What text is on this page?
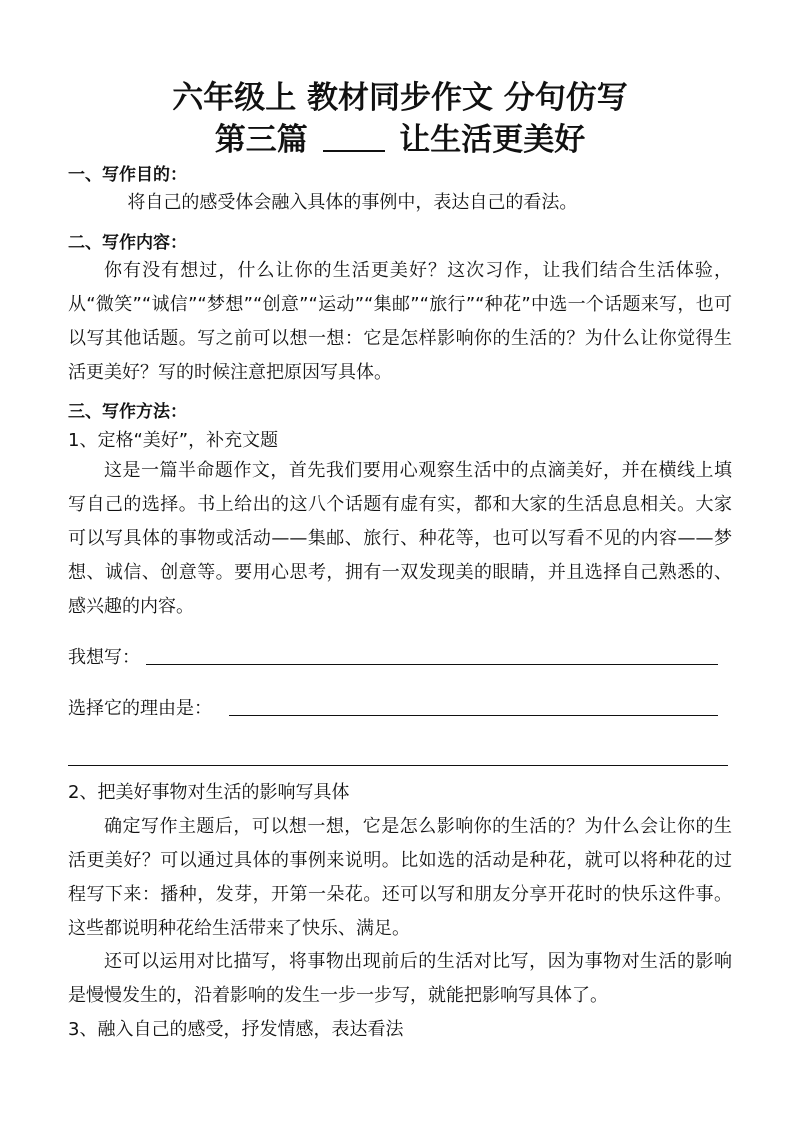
六年级上 教材同步作文 分句仿写
第三篇	让生活更美好
一、写作目的：

将自己的感受体会融入具体的事例中，表达自己的看法。

二、写作内容：

你有没有想过，什么让你的生活更美好？这次习作，让我们结合生活体验，从“微笑”“诚信”“梦想”“创意”“运动”“集邮”“旅行”“种花”中选一个话题来写，也可以写其他话题。写之前可以想一想：它是怎样影响你的生活的？为什么让你觉得生活更美好？写的时候注意把原因写具体。

三、写作方法：
1、定格“美好”，补充文题

这是一篇半命题作文，首先我们要用心观察生活中的点滴美好，并在横线上填写自己的选择。书上给出的这八个话题有虚有实，都和大家的生活息息相关。大家可以写具体的事物或活动——集邮、旅行、种花等，也可以写看不见的内容——梦想、诚信、创意等。要用心思考，拥有一双发现美的眼睛，并且选择自己熟悉的、感兴趣的内容。

我想写：
选择它的理由是：
2、把美好事物对生活的影响写具体

确定写作主题后，可以想一想，它是怎么影响你的生活的？为什么会让你的生活更美好？可以通过具体的事例来说明。比如选的活动是种花，就可以将种花的过程写下来：播种，发芽，开第一朵花。还可以写和朋友分享开花时的快乐这件事。这些都说明种花给生活带来了快乐、满足。

还可以运用对比描写，将事物出现前后的生活对比写，因为事物对生活的影响是慢慢发生的，沿着影响的发生一步一步写，就能把影响写具体了。

3、融入自己的感受，抒发情感，表达看法
